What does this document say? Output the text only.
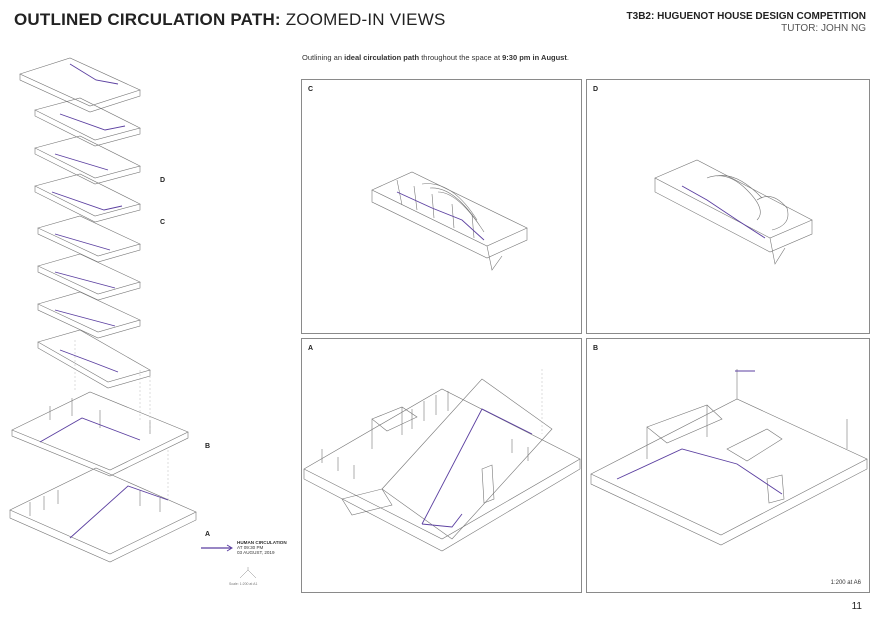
OUTLINED CIRCULATION PATH: ZOOMED-IN VIEWS	T3B2: HUGUENOT HOUSE DESIGN COMPETITION
TUTOR: JOHN NG
Outlining an ideal circulation path throughout the space at 9:30 pm in August.
D
C
B
A
HUMAN CIRCULATION
AT 09:30 PM
03 AUGUST, 2019
Scale: 1:200 at A1
C	D
A	B
1:200 at A6
11
